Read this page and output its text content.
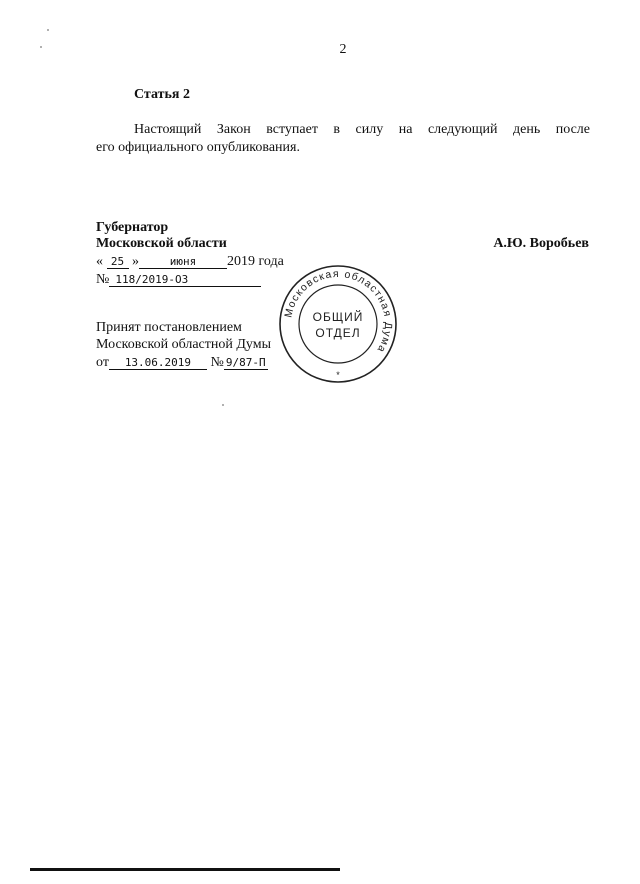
2
Статья 2
Настоящий Закон вступает в силу на следующий день после
его официального опубликования.
Губернатор
Московской области	А.Ю. Воробьев
« 25 »	июня 2019 года
№ 118/2019-ОЗ
Принят постановлением
Московской областной Думы
от 13.06.2019 № 9/87-П
Московская областная Дума
ОБЩИЙ
ОТДЕЛ
*
